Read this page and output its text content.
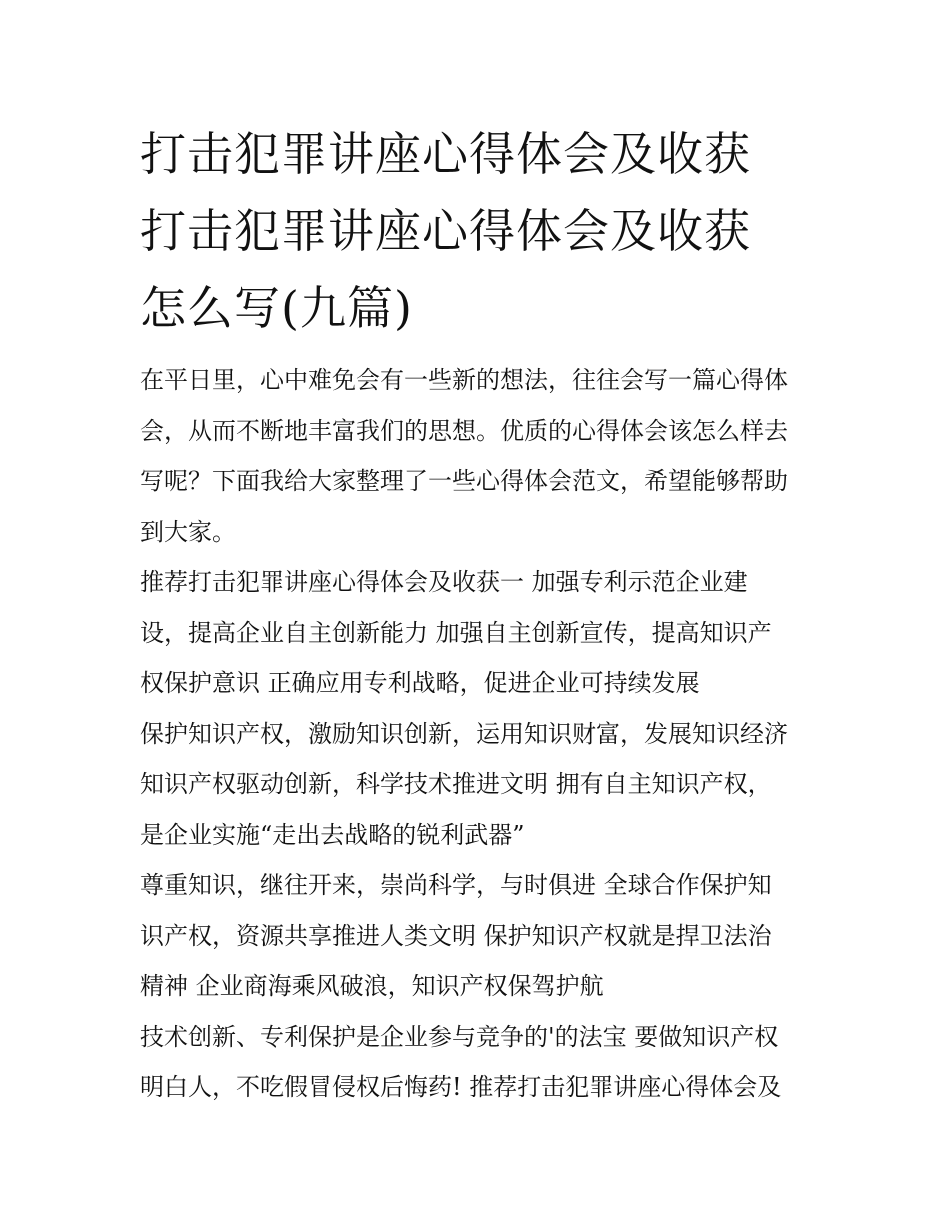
打击犯罪讲座心得体会及收获
打击犯罪讲座心得体会及收获
怎么写(九篇)

在平日里，心中难免会有一些新的想法，往往会写一篇心得体
会，从而不断地丰富我们的思想。优质的心得体会该怎么样去
写呢？下面我给大家整理了一些心得体会范文，希望能够帮助
到大家。

推荐打击犯罪讲座心得体会及收获一 加强专利示范企业建
设，提高企业自主创新能力 加强自主创新宣传，提高知识产
权保护意识 正确应用专利战略，促进企业可持续发展

保护知识产权，激励知识创新，运用知识财富，发展知识经济
知识产权驱动创新，科学技术推进文明 拥有自主知识产权，
是企业实施“走出去战略的锐利武器”

尊重知识，继往开来，崇尚科学，与时俱进 全球合作保护知
识产权，资源共享推进人类文明 保护知识产权就是捍卫法治
精神 企业商海乘风破浪，知识产权保驾护航

技术创新、专利保护是企业参与竞争的'的法宝 要做知识产权
明白人，不吃假冒侵权后悔药! 推荐打击犯罪讲座心得体会及
